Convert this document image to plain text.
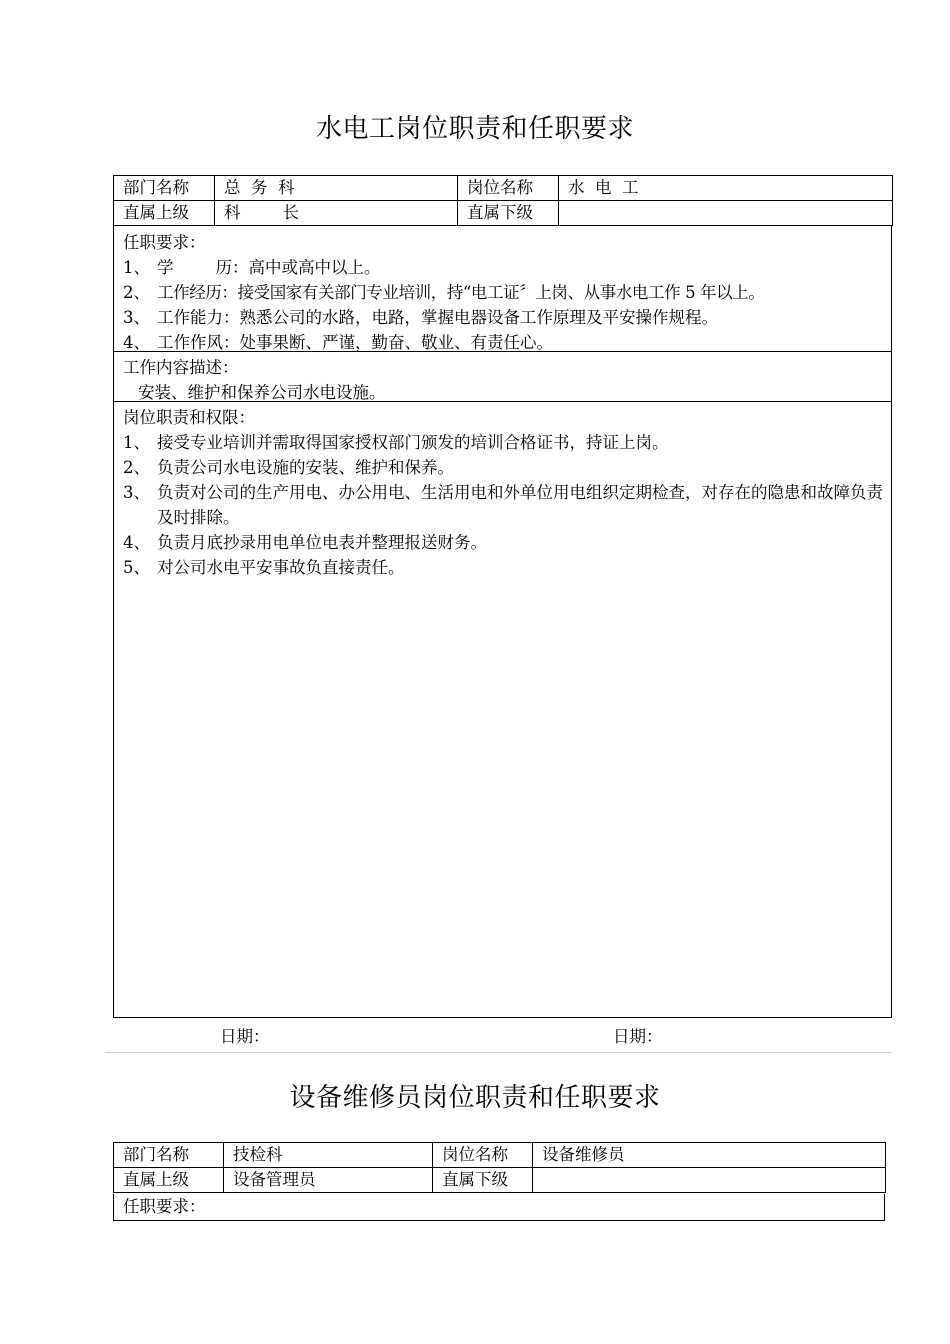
水电工岗位职责和任职要求
部门名称	总  务  科	岗位名称	水  电  工
直属上级	科        长	直属下级	
任职要求：
1、 学        历：高中或高中以上。
2、 工作经历：接受国家有关部门专业培训，持“电工证〞上岗、从事水电工作 5 年以上。
3、 工作能力：熟悉公司的水路，电路，掌握电器设备工作原理及平安操作规程。
4、 工作作风：处事果断、严谨，勤奋、敬业、有责任心。
工作内容描述：
安装、维护和保养公司水电设施。
岗位职责和权限：
1、 接受专业培训并需取得国家授权部门颁发的培训合格证书，持证上岗。
2、 负责公司水电设施的安装、维护和保养。
3、 负责对公司的生产用电、办公用电、生活用电和外单位用电组织定期检查，对存在的隐患和故障负责及时排除。
4、 负责月底抄录用电单位电表并整理报送财务。
5、 对公司水电平安事故负直接责任。
日期：	日期：
设备维修员岗位职责和任职要求
部门名称	技检科	岗位名称	设备维修员
直属上级	设备管理员	直属下级	
任职要求：
